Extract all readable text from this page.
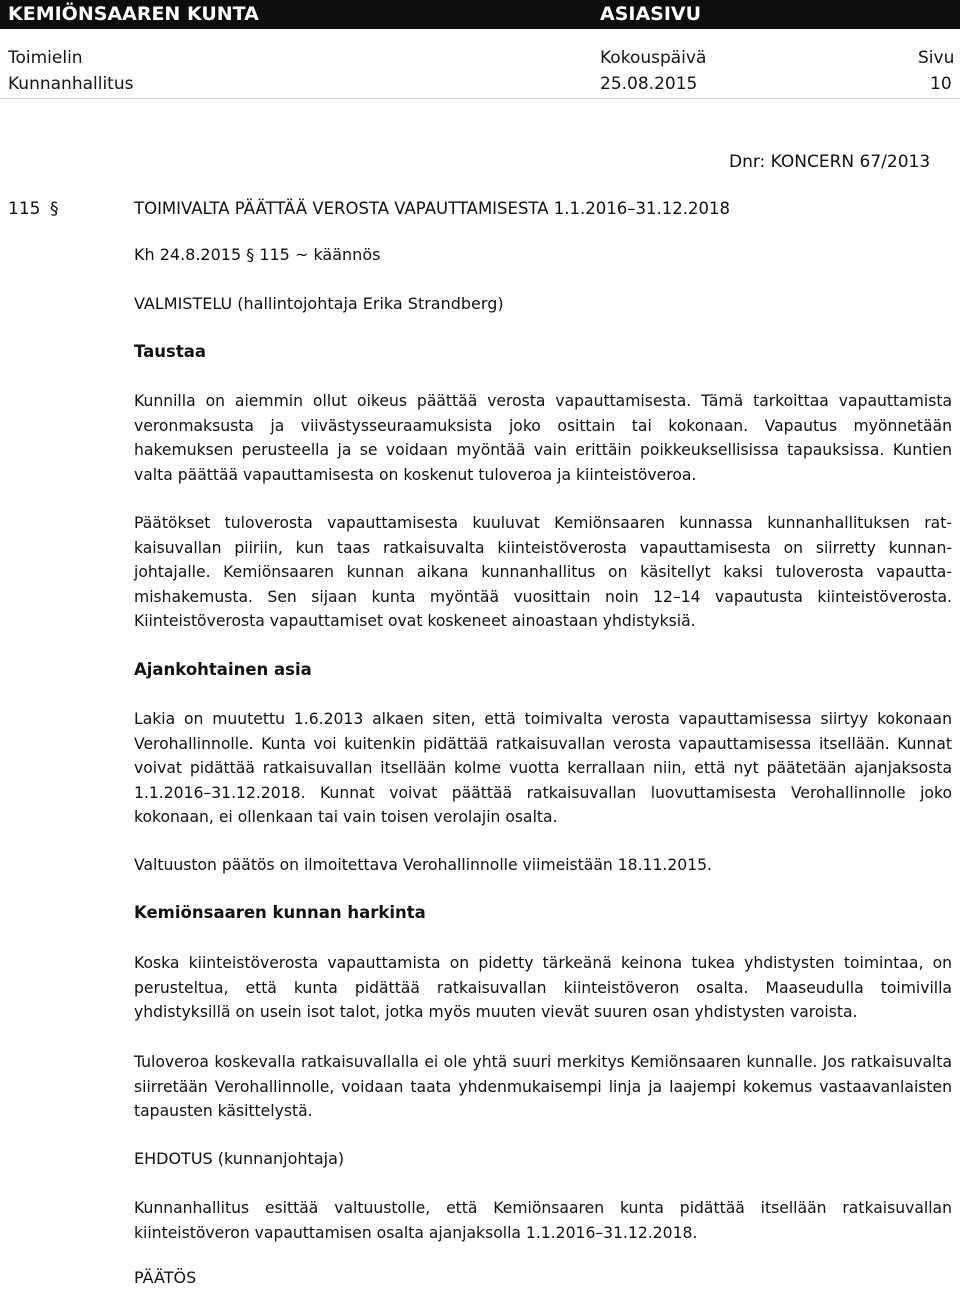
KEMIÖNSAAREN KUNTA	ASIASIVU
Toimielin
Kunnanhallitus
Kokouspäivä
25.08.2015
Sivu
10
Dnr: KONCERN 67/2013
115 §	TOIMIVALTA PÄÄTTÄÄ VEROSTA VAPAUTTAMISESTA 1.1.2016–31.12.2018
Kh 24.8.2015 § 115 ~ käännös
VALMISTELU (hallintojohtaja Erika Strandberg)
Taustaa
Kunnilla on aiemmin ollut oikeus päättää verosta vapauttamisesta. Tämä tarkoittaa vapauttamista veronmaksusta ja viivästysseuraamuksista joko osittain tai kokonaan. Vapautus myönnetään hakemuksen perusteella ja se voidaan myöntää vain erittäin poikkeuksellisissa tapauksissa. Kuntien valta päättää vapauttamisesta on koskenut tuloveroa ja kiinteistöveroa.
Päätökset tuloverosta vapauttamisesta kuuluvat Kemiönsaaren kunnassa kunnanhallituksen ratkaisuvallan piiriin, kun taas ratkaisuvalta kiinteistöverosta vapauttamisesta on siirretty kunnanjohtajalle. Kemiönsaaren kunnan aikana kunnanhallitus on käsitellyt kaksi tuloverosta vapauttamishakemusta. Sen sijaan kunta myöntää vuosittain noin 12–14 vapautusta kiinteistöverosta. Kiinteistöverosta vapauttamiset ovat koskeneet ainoastaan yhdistyksiä.
Ajankohtainen asia
Lakia on muutettu 1.6.2013 alkaen siten, että toimivalta verosta vapauttamisessa siirtyy kokonaan Verohallinnolle. Kunta voi kuitenkin pidättää ratkaisuvallan verosta vapauttamisessa itsellään. Kunnat voivat pidättää ratkaisuvallan itsellään kolme vuotta kerrallaan niin, että nyt päätetään ajanjaksosta 1.1.2016–31.12.2018. Kunnat voivat päättää ratkaisuvallan luovuttamisesta Verohallinnolle joko kokonaan, ei ollenkaan tai vain toisen verolajin osalta.
Valtuuston päätös on ilmoitettava Verohallinnolle viimeistään 18.11.2015.
Kemiönsaaren kunnan harkinta
Koska kiinteistöverosta vapauttamista on pidetty tärkeänä keinona tukea yhdistysten toimintaa, on perusteltua, että kunta pidättää ratkaisuvallan kiinteistöveron osalta. Maaseudulla toimivilla yhdistyksillä on usein isot talot, jotka myös muuten vievät suuren osan yhdistysten varoista.
Tuloveroa koskevalla ratkaisuvallalla ei ole yhtä suuri merkitys Kemiönsaaren kunnalle. Jos ratkaisuvalta siirretään Verohallinnolle, voidaan taata yhdenmukaisempi linja ja laajempi kokemus vastaavanlaisten tapausten käsittelystä.
EHDOTUS (kunnanjohtaja)
Kunnanhallitus esittää valtuustolle, että Kemiönsaaren kunta pidättää itsellään ratkaisuvallan kiinteistöveron vapauttamisen osalta ajanjaksolla 1.1.2016–31.12.2018.
PÄÄTÖS
